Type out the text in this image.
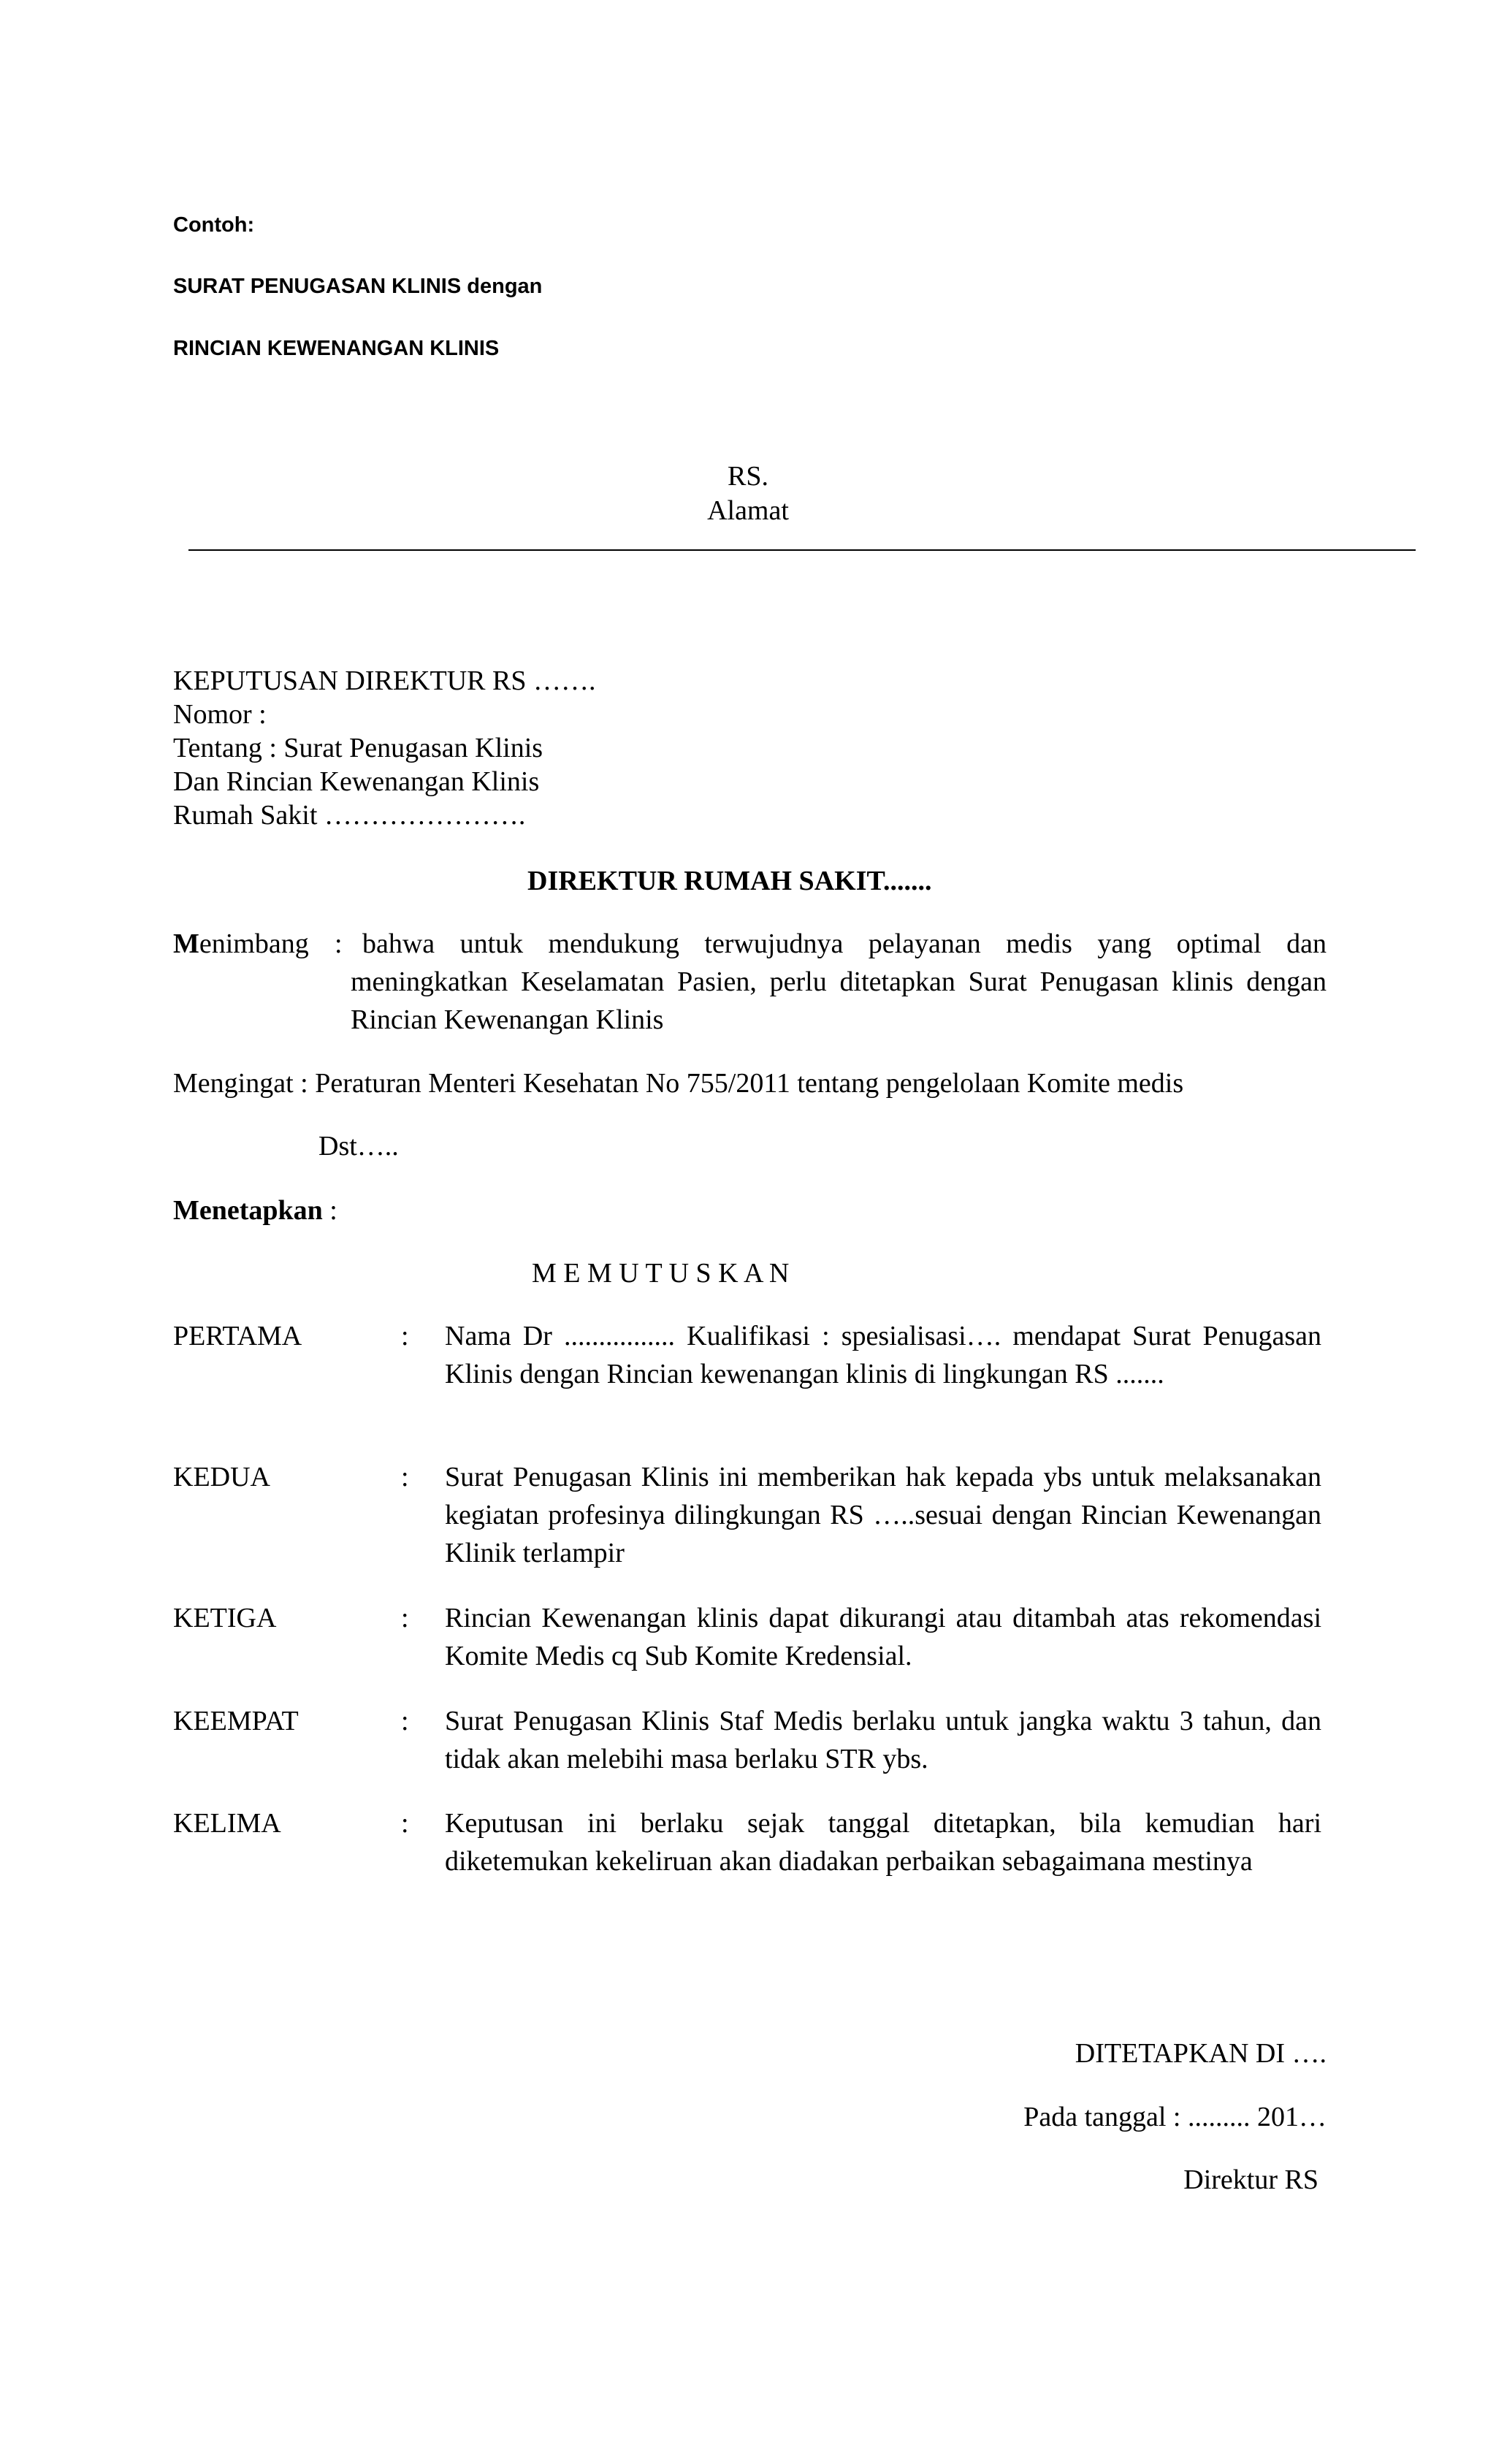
Contoh:
SURAT PENUGASAN KLINIS dengan
RINCIAN KEWENANGAN KLINIS
RS.
Alamat
KEPUTUSAN DIREKTUR RS …….
Nomor :
Tentang : Surat Penugasan Klinis
Dan Rincian Kewenangan Klinis
Rumah Sakit ………………….
DIREKTUR RUMAH SAKIT.......
Menimbang : bahwa untuk mendukung terwujudnya pelayanan medis yang optimal dan
meningkatkan Keselamatan Pasien, perlu ditetapkan Surat Penugasan klinis dengan Rincian Kewenangan Klinis
Mengingat : Peraturan Menteri Kesehatan No 755/2011 tentang pengelolaan Komite medis
Dst…..
Menetapkan :
M E M U T U S K A N
PERTAMA	: Nama Dr ................ Kualifikasi : spesialisasi…. mendapat Surat Penugasan Klinis dengan Rincian kewenangan klinis di lingkungan RS .......
KEDUA	: Surat Penugasan Klinis ini memberikan hak kepada ybs untuk melaksanakan kegiatan profesinya dilingkungan RS …..sesuai dengan Rincian Kewenangan Klinik terlampir
KETIGA	: Rincian Kewenangan klinis dapat dikurangi atau ditambah atas rekomendasi Komite Medis cq Sub Komite Kredensial.
KEEMPAT	: Surat Penugasan Klinis Staf Medis berlaku untuk jangka waktu 3 tahun, dan tidak akan melebihi masa berlaku STR ybs.
KELIMA	: Keputusan ini berlaku sejak tanggal ditetapkan, bila kemudian hari diketemukan kekeliruan akan diadakan perbaikan sebagaimana mestinya
DITETAPKAN DI ….
Pada tanggal : ......... 201…
Direktur RS
